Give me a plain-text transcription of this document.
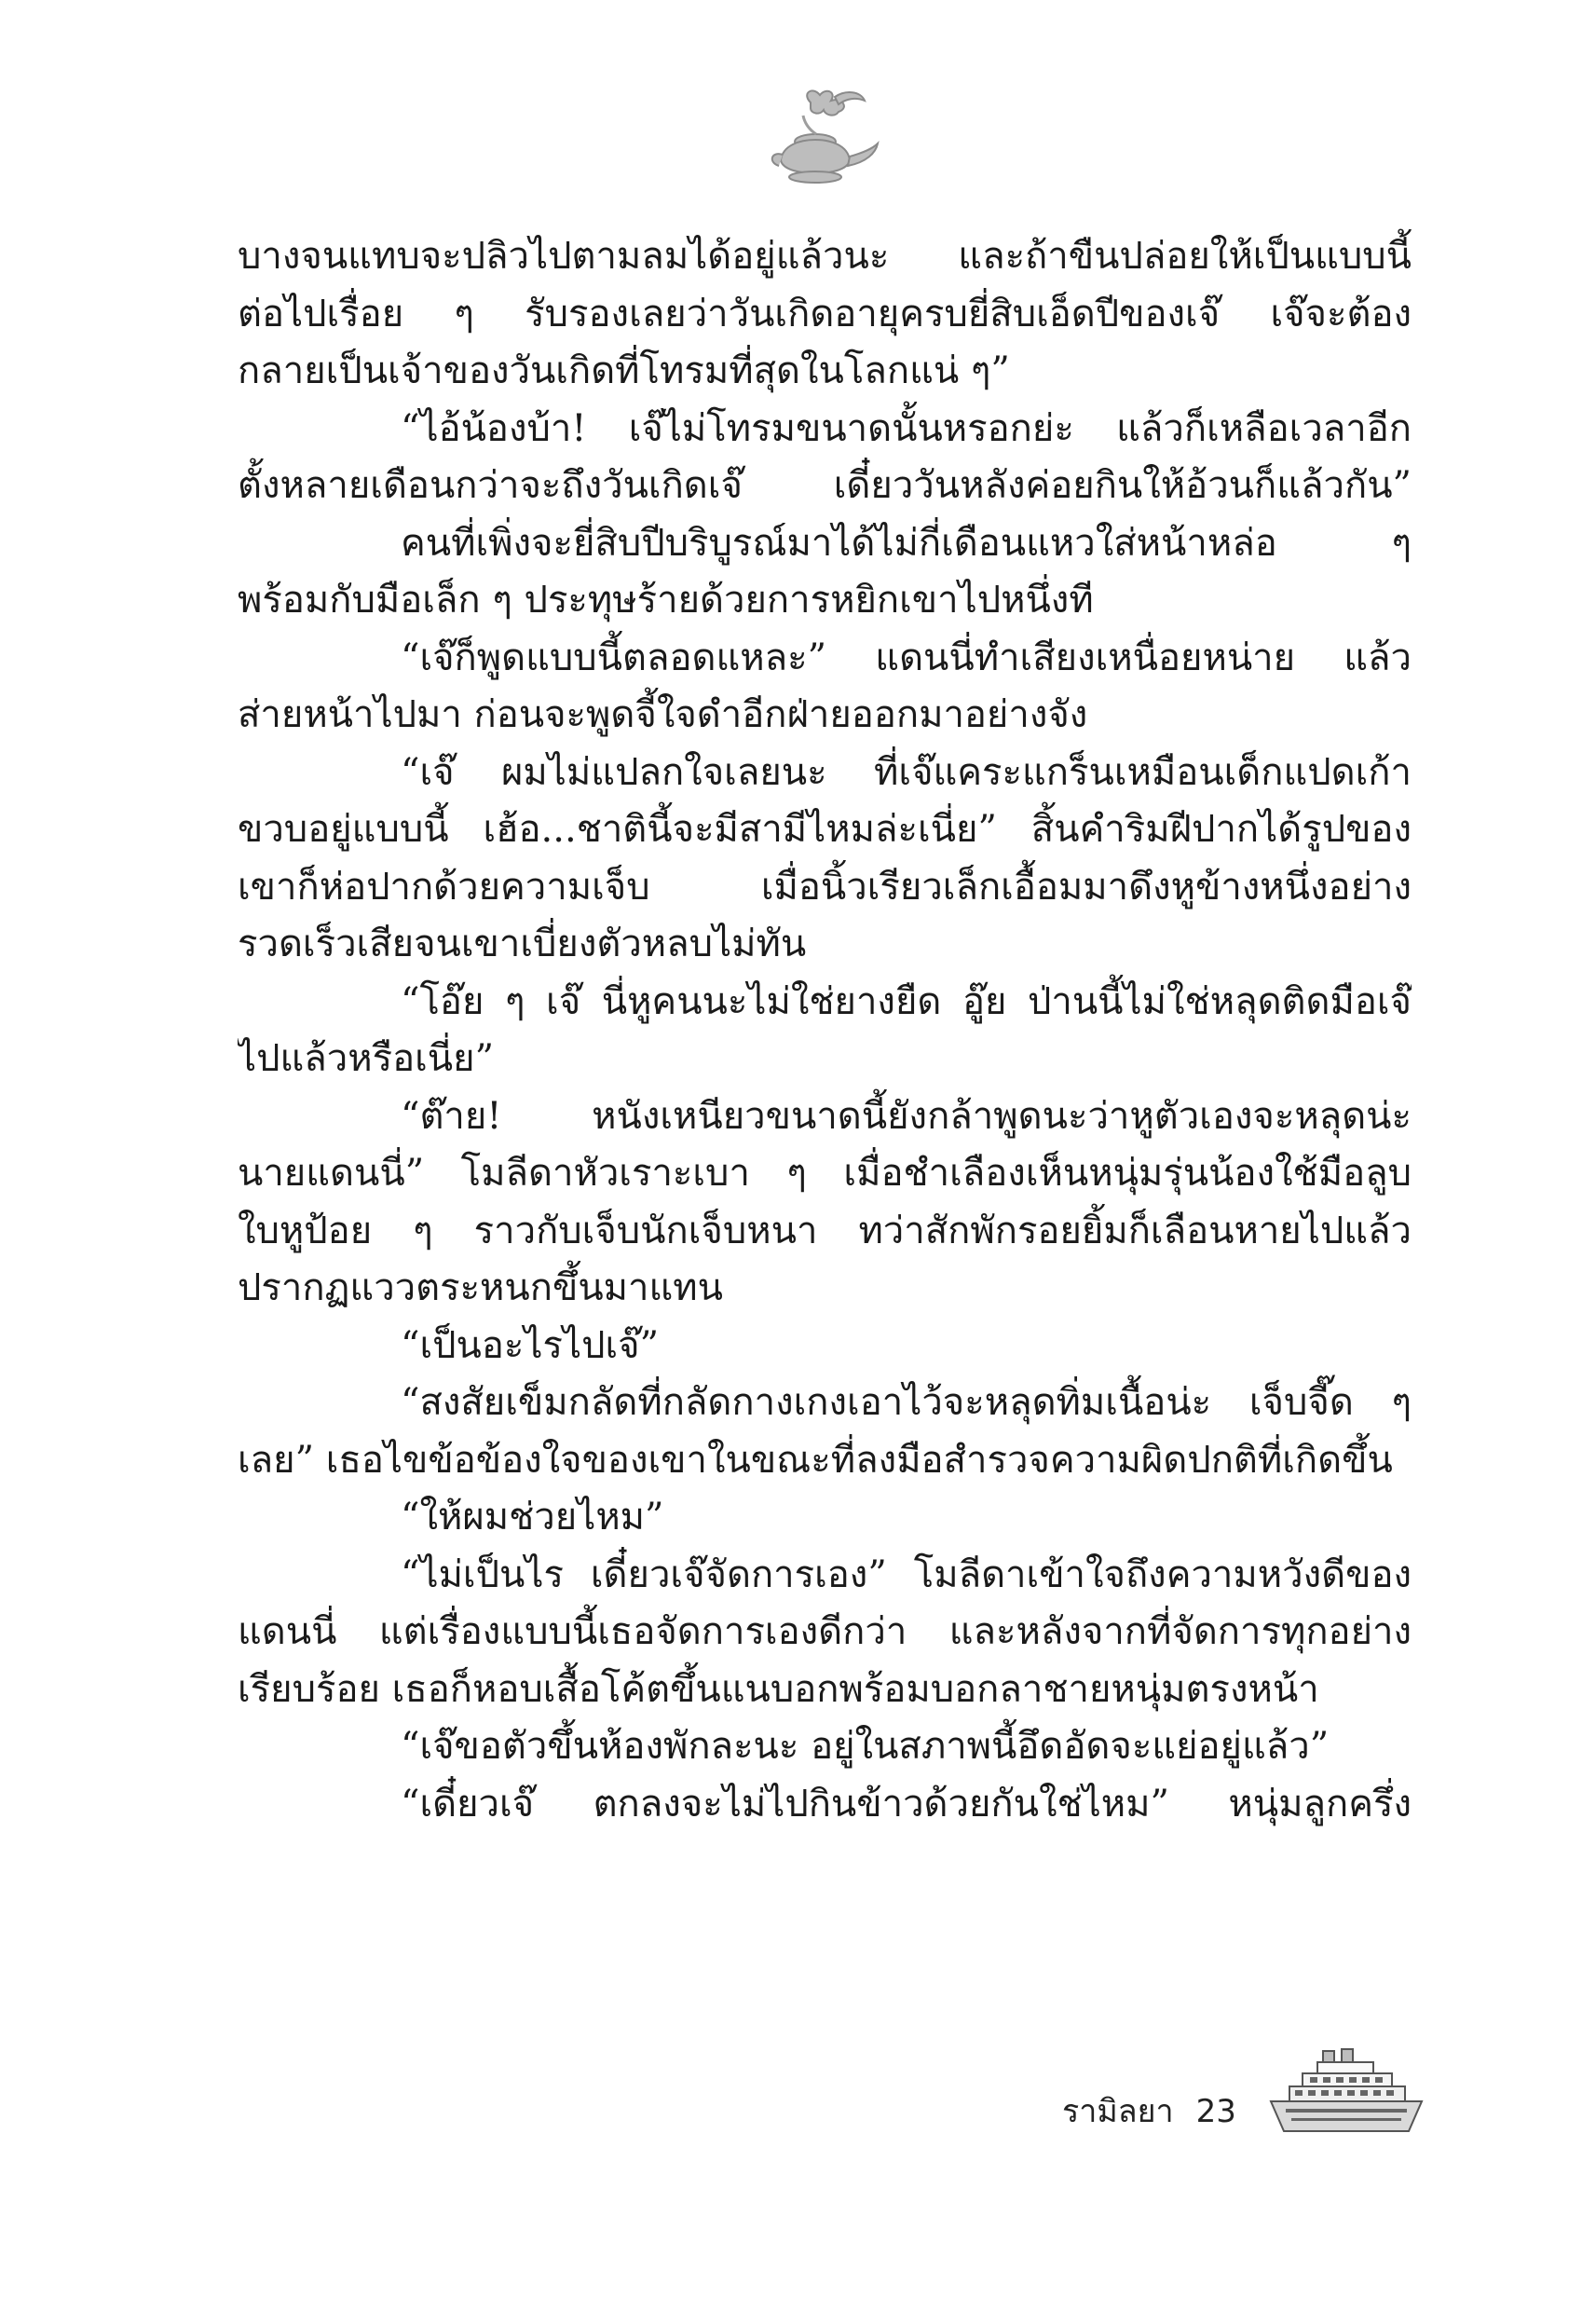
บางจนแทบจะปลิวไปตามลมได้อยู่แล้วนะ และถ้าขืนปล่อยให้เป็นแบบนี้
ต่อไปเรื่อย ๆ รับรองเลยว่าวันเกิดอายุครบยี่สิบเอ็ดปีของเจ๊ เจ๊จะต้อง
กลายเป็นเจ้าของวันเกิดที่โทรมที่สุดในโลกแน่ ๆ”
“ไอ้น้องบ้า! เจ๊ไม่โทรมขนาดนั้นหรอกย่ะ แล้วก็เหลือเวลาอีก
ตั้งหลายเดือนกว่าจะถึงวันเกิดเจ๊ เดี๋ยววันหลังค่อยกินให้อ้วนก็แล้วกัน”
คนที่เพิ่งจะยี่สิบปีบริบูรณ์มาได้ไม่กี่เดือนแหวใส่หน้าหล่อ ๆ
พร้อมกับมือเล็ก ๆ ประทุษร้ายด้วยการหยิกเขาไปหนึ่งที
“เจ๊ก็พูดแบบนี้ตลอดแหละ” แดนนี่ทำเสียงเหนื่อยหน่าย แล้ว
ส่ายหน้าไปมา ก่อนจะพูดจี้ใจดำอีกฝ่ายออกมาอย่างจัง
“เจ๊ ผมไม่แปลกใจเลยนะ ที่เจ๊แคระแกร็นเหมือนเด็กแปดเก้า
ขวบอยู่แบบนี้ เฮ้อ...ชาตินี้จะมีสามีไหมล่ะเนี่ย” สิ้นคำริมฝีปากได้รูปของ
เขาก็ห่อปากด้วยความเจ็บ เมื่อนิ้วเรียวเล็กเอื้อมมาดึงหูข้างหนึ่งอย่าง
รวดเร็วเสียจนเขาเบี่ยงตัวหลบไม่ทัน
“โอ๊ย ๆ เจ๊ นี่หูคนนะไม่ใช่ยางยืด อู๊ย ป่านนี้ไม่ใช่หลุดติดมือเจ๊
ไปแล้วหรือเนี่ย”
“ต๊าย! หนังเหนียวขนาดนี้ยังกล้าพูดนะว่าหูตัวเองจะหลุดน่ะ
นายแดนนี่” โมลีดาหัวเราะเบา ๆ เมื่อชำเลืองเห็นหนุ่มรุ่นน้องใช้มือลูบ
ใบหูป้อย ๆ ราวกับเจ็บนักเจ็บหนา ทว่าสักพักรอยยิ้มก็เลือนหายไปแล้ว
ปรากฏแววตระหนกขึ้นมาแทน
“เป็นอะไรไปเจ๊”
“สงสัยเข็มกลัดที่กลัดกางเกงเอาไว้จะหลุดทิ่มเนื้อน่ะ เจ็บจี๊ด ๆ
เลย” เธอไขข้อข้องใจของเขาในขณะที่ลงมือสำรวจความผิดปกติที่เกิดขึ้น
“ให้ผมช่วยไหม”
“ไม่เป็นไร เดี๋ยวเจ๊จัดการเอง” โมลีดาเข้าใจถึงความหวังดีของ
แดนนี่ แต่เรื่องแบบนี้เธอจัดการเองดีกว่า และหลังจากที่จัดการทุกอย่าง
เรียบร้อย เธอก็หอบเสื้อโค้ตขึ้นแนบอกพร้อมบอกลาชายหนุ่มตรงหน้า
“เจ๊ขอตัวขึ้นห้องพักละนะ อยู่ในสภาพนี้อึดอัดจะแย่อยู่แล้ว”
“เดี๋ยวเจ๊ ตกลงจะไม่ไปกินข้าวด้วยกันใช่ไหม” หนุ่มลูกครึ่ง
รามิลยา 23
